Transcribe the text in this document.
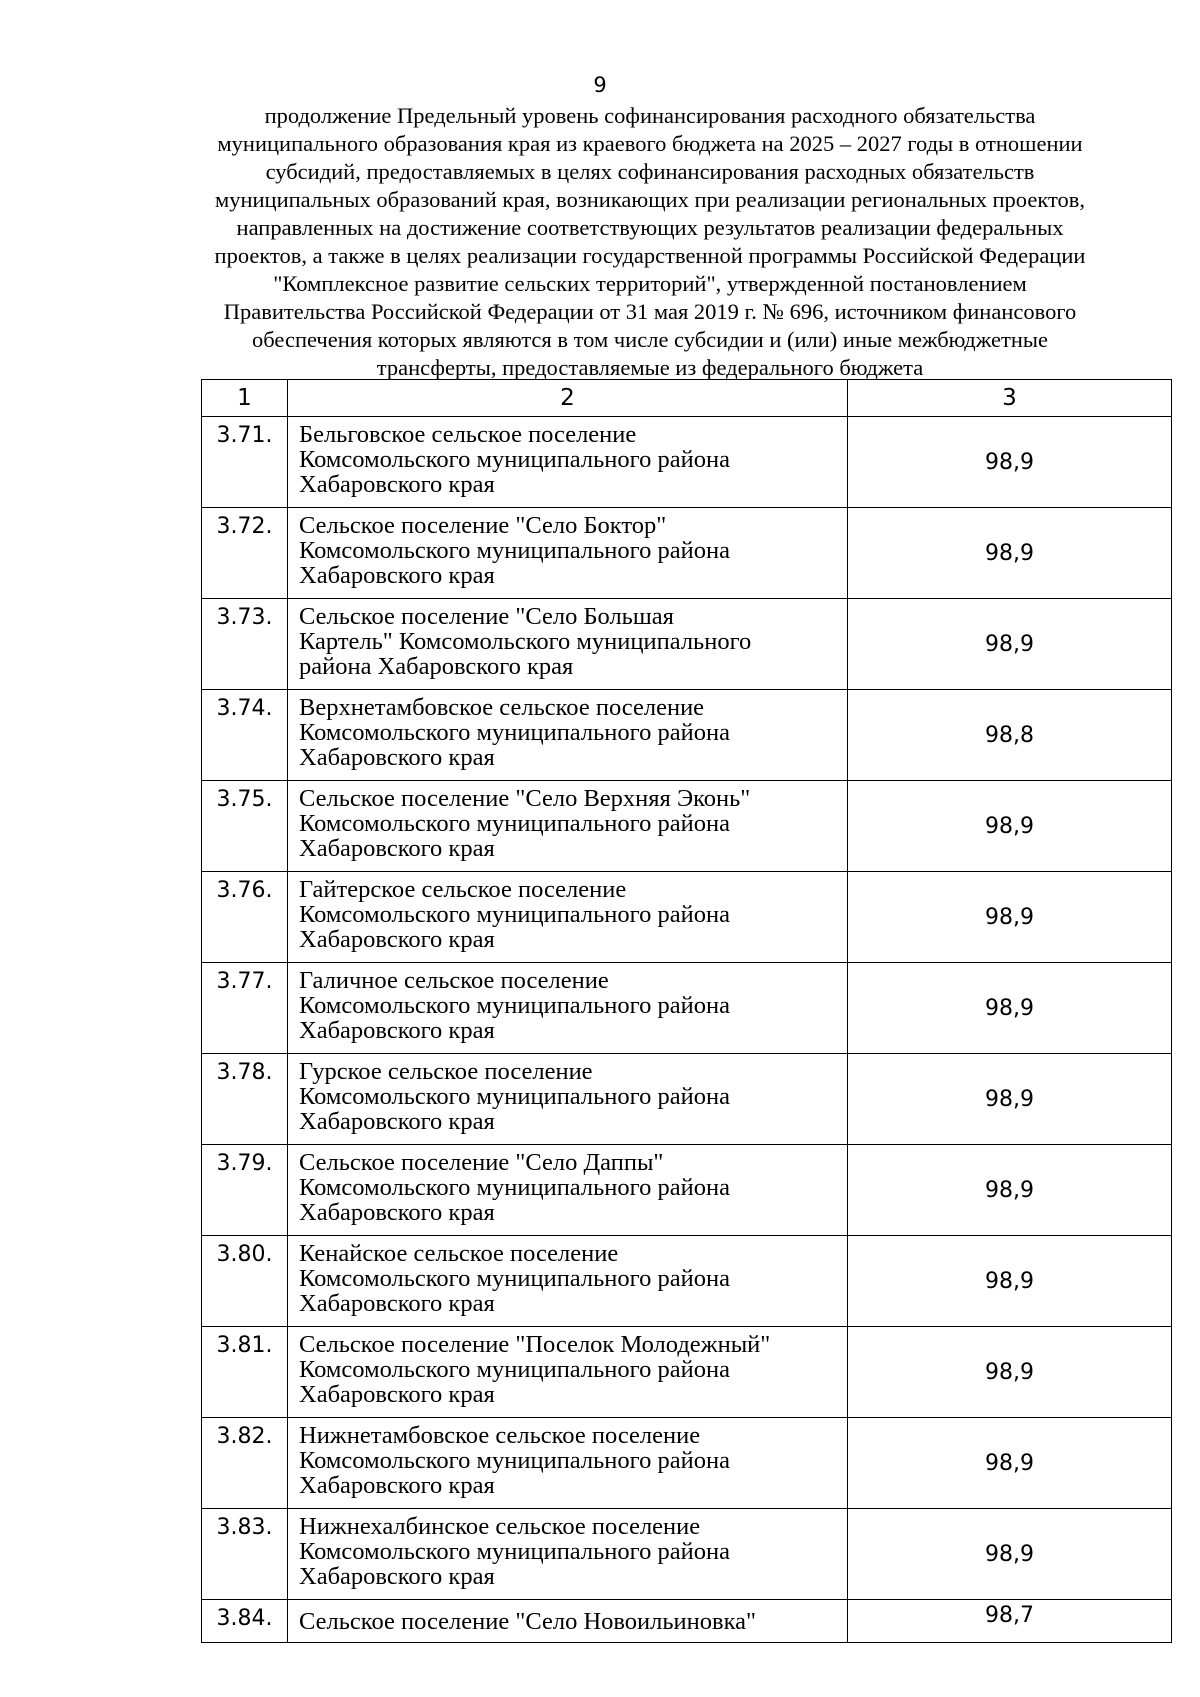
9
продолжение Предельный уровень софинансирования расходного обязательства
муниципального образования края из краевого бюджета на 2025 – 2027 годы в отношении
субсидий, предоставляемых в целях софинансирования расходных обязательств
муниципальных образований края, возникающих при реализации региональных проектов,
направленных на достижение соответствующих результатов реализации федеральных
проектов, а также в целях реализации государственной программы Российской Федерации
"Комплексное развитие сельских территорий", утвержденной постановлением
Правительства Российской Федерации от 31 мая 2019 г. № 696, источником финансового
обеспечения которых являются в том числе субсидии и (или) иные межбюджетные
трансферты, предоставляемые из федерального бюджета
1	2	3
3.71.	Бельговское сельское поселение
Комсомольского муниципального района
Хабаровского края	98,9
3.72.	Сельское поселение "Село Боктор"
Комсомольского муниципального района
Хабаровского края	98,9
3.73.	Сельское поселение "Село Большая
Картель" Комсомольского муниципального
района Хабаровского края	98,9
3.74.	Верхнетамбовское сельское поселение
Комсомольского муниципального района
Хабаровского края	98,8
3.75.	Сельское поселение "Село Верхняя Эконь"
Комсомольского муниципального района
Хабаровского края	98,9
3.76.	Гайтерское сельское поселение
Комсомольского муниципального района
Хабаровского края	98,9
3.77.	Галичное сельское поселение
Комсомольского муниципального района
Хабаровского края	98,9
3.78.	Гурское сельское поселение
Комсомольского муниципального района
Хабаровского края	98,9
3.79.	Сельское поселение "Село Даппы"
Комсомольского муниципального района
Хабаровского края	98,9
3.80.	Кенайское сельское поселение
Комсомольского муниципального района
Хабаровского края	98,9
3.81.	Сельское поселение "Поселок Молодежный"
Комсомольского муниципального района
Хабаровского края	98,9
3.82.	Нижнетамбовское сельское поселение
Комсомольского муниципального района
Хабаровского края	98,9
3.83.	Нижнехалбинское сельское поселение
Комсомольского муниципального района
Хабаровского края	98,9
3.84.	Сельское поселение "Село Новоильиновка"	98,7
